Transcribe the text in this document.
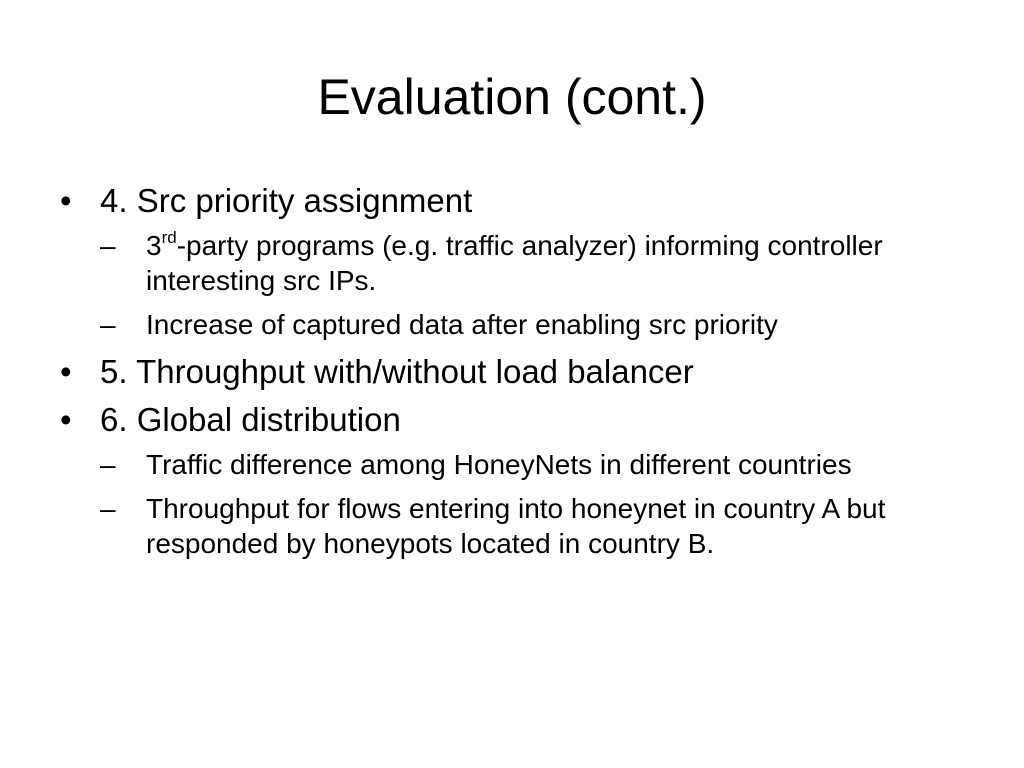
Evaluation (cont.)
• 4. Src priority assignment
–	3rd-party programs (e.g. traffic analyzer) informing controller interesting src IPs.
–	Increase of captured data after enabling src priority
• 5. Throughput with/without load balancer
• 6. Global distribution
–	Traffic difference among HoneyNets in different countries
–	Throughput for flows entering into honeynet in country A but responded by honeypots located in country B.
